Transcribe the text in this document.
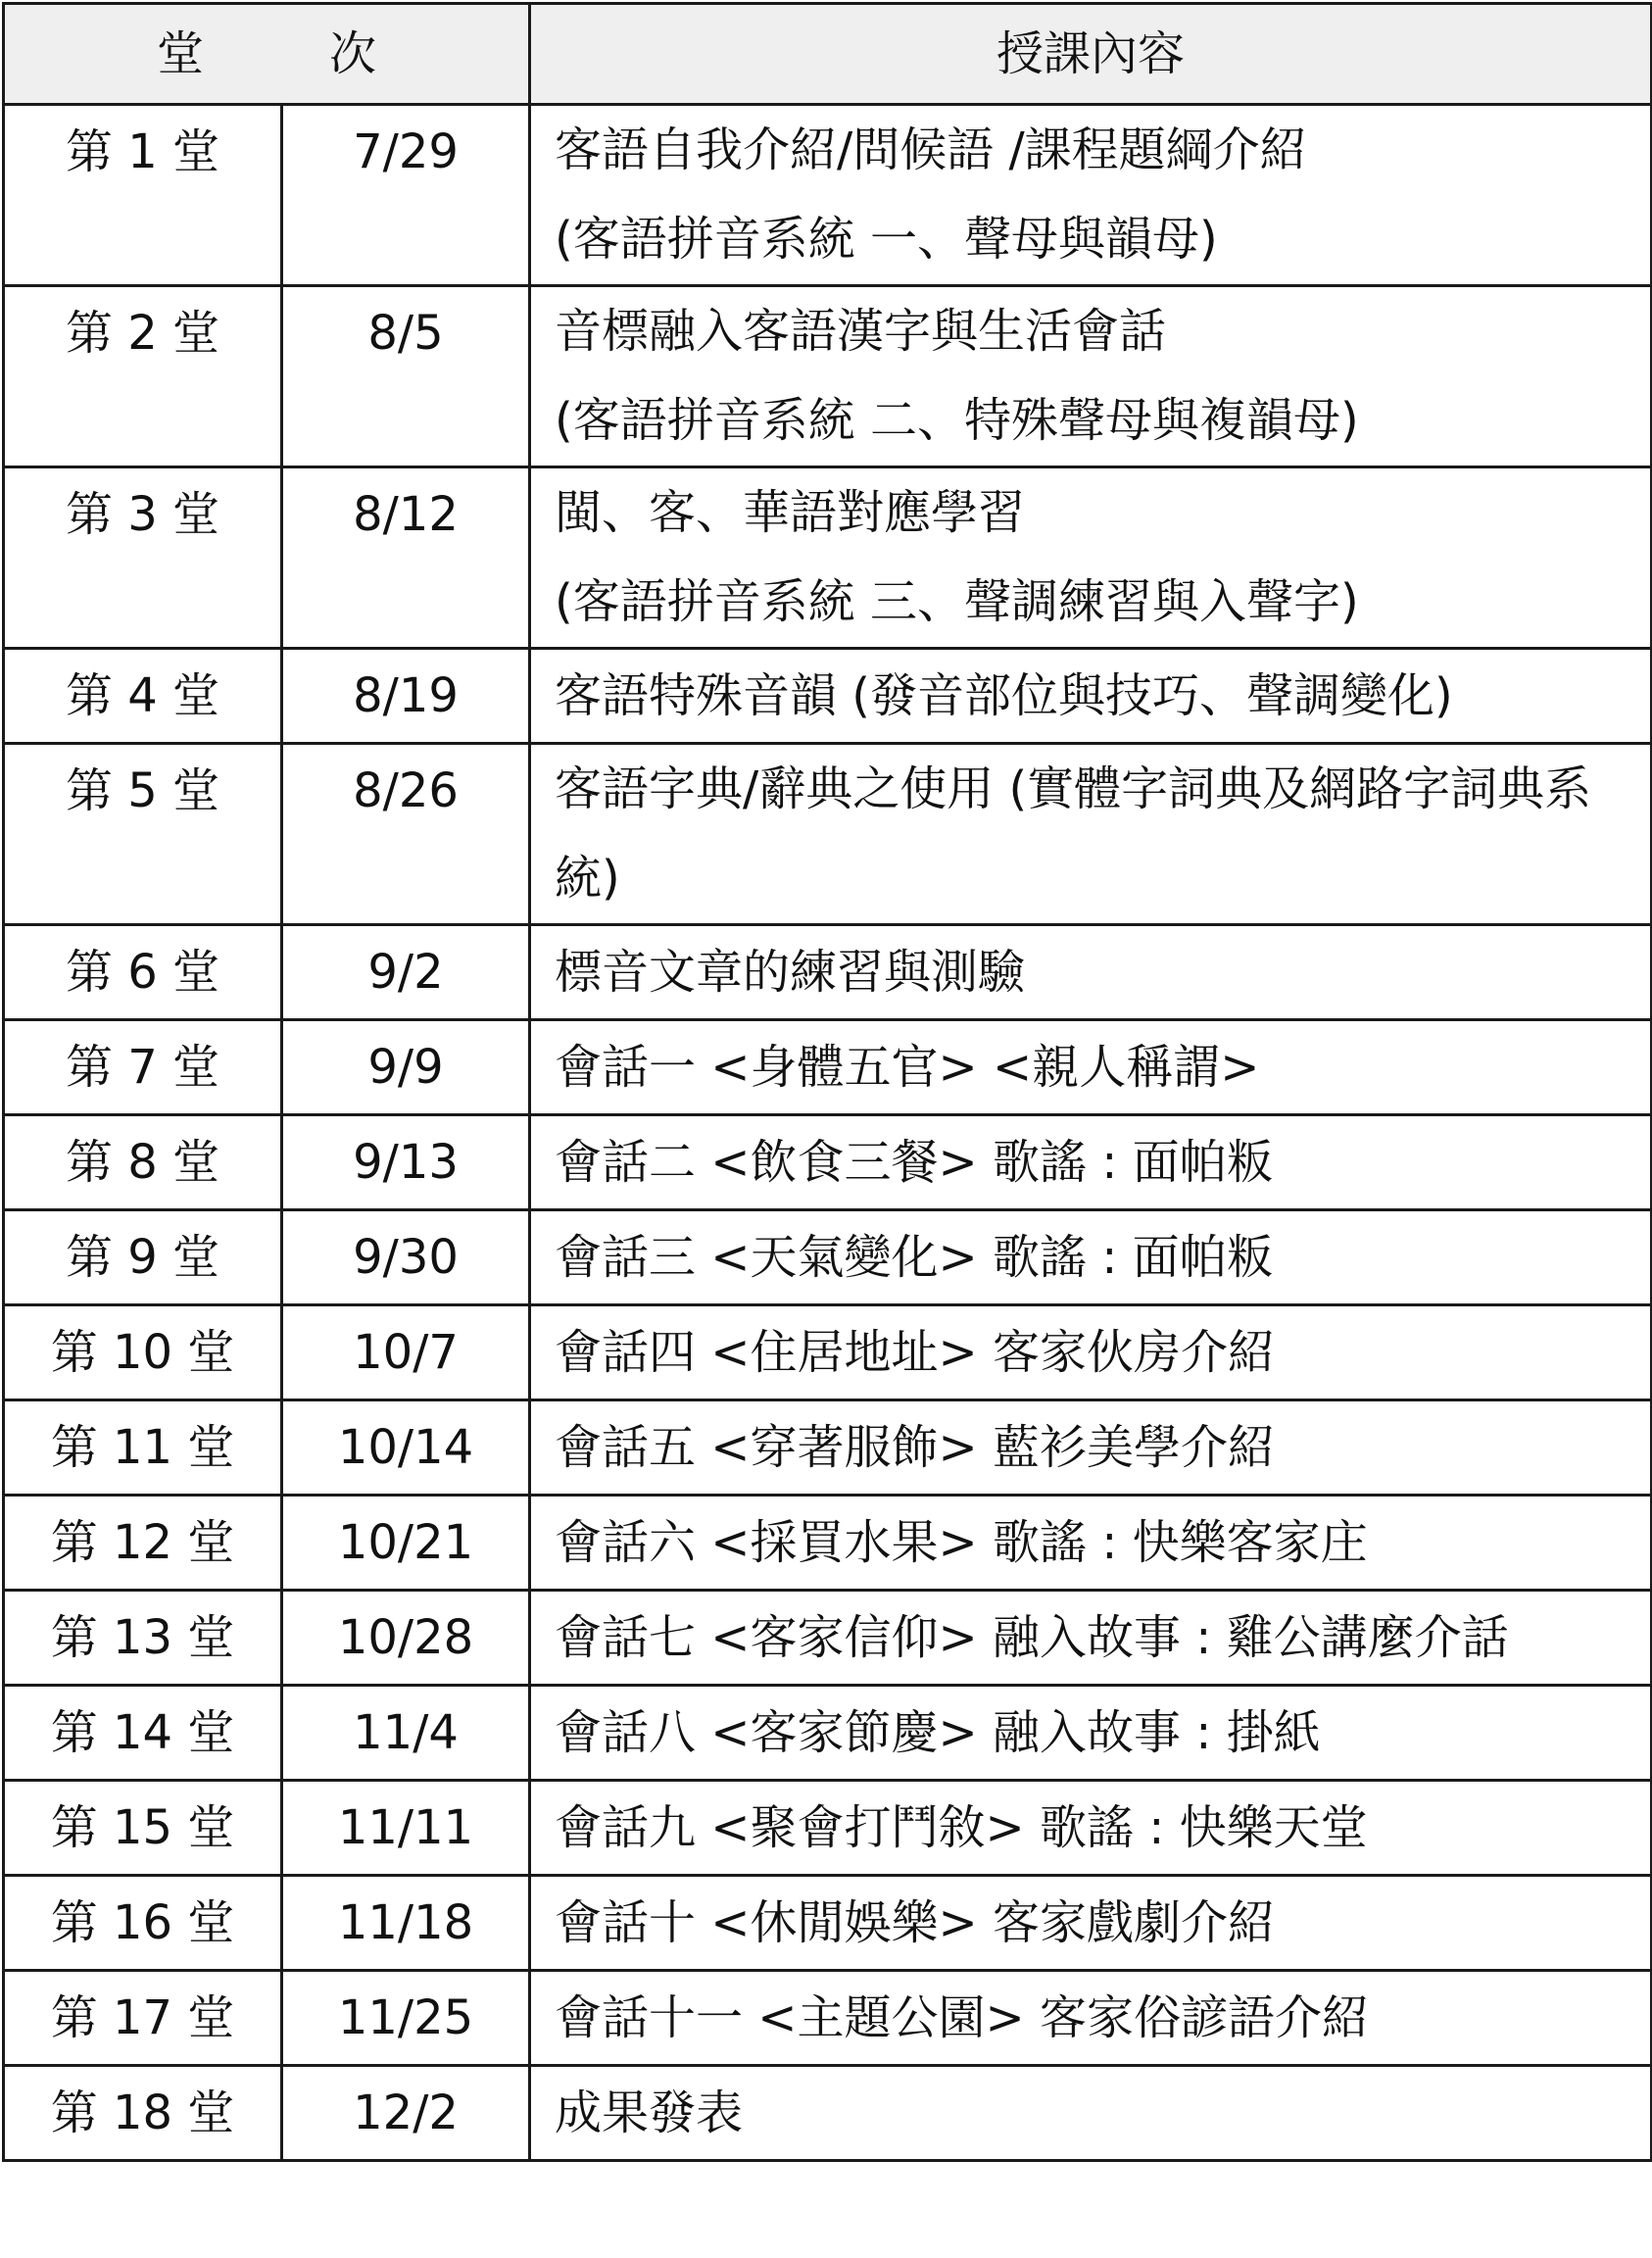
堂　次		授課內容
第 1 堂	7/29	客語自我介紹/問候語 /課程題綱介紹
(客語拼音系統 一、聲母與韻母)

第 2 堂	8/5	音標融入客語漢字與生活會話
(客語拼音系統 二、特殊聲母與複韻母)

第 3 堂	8/12	閩、客、華語對應學習
(客語拼音系統 三、聲調練習與入聲字)

第 4 堂	8/19	客語特殊音韻 (發音部位與技巧、聲調變化)

第 5 堂	8/26	客語字典/辭典之使用 (實體字詞典及網路字詞典系
統)

第 6 堂	9/2	標音文章的練習與測驗

第 7 堂	9/9	會話一 <身體五官> <親人稱謂>

第 8 堂	9/13	會話二 <飲食三餐> 歌謠 : 面帕粄

第 9 堂	9/30	會話三 <天氣變化> 歌謠 : 面帕粄

第 10 堂	10/7	會話四 <住居地址> 客家伙房介紹

第 11 堂	10/14	會話五 <穿著服飾> 藍衫美學介紹

第 12 堂	10/21	會話六 <採買水果> 歌謠 : 快樂客家庄

第 13 堂	10/28	會話七 <客家信仰> 融入故事 : 雞公講麼介話

第 14 堂	11/4	會話八 <客家節慶> 融入故事 : 掛紙

第 15 堂	11/11	會話九 <聚會打鬥敘> 歌謠 : 快樂天堂

第 16 堂	11/18	會話十 <休閒娛樂> 客家戲劇介紹

第 17 堂	11/25	會話十一 <主題公園> 客家俗諺語介紹

第 18 堂	12/2	成果發表
